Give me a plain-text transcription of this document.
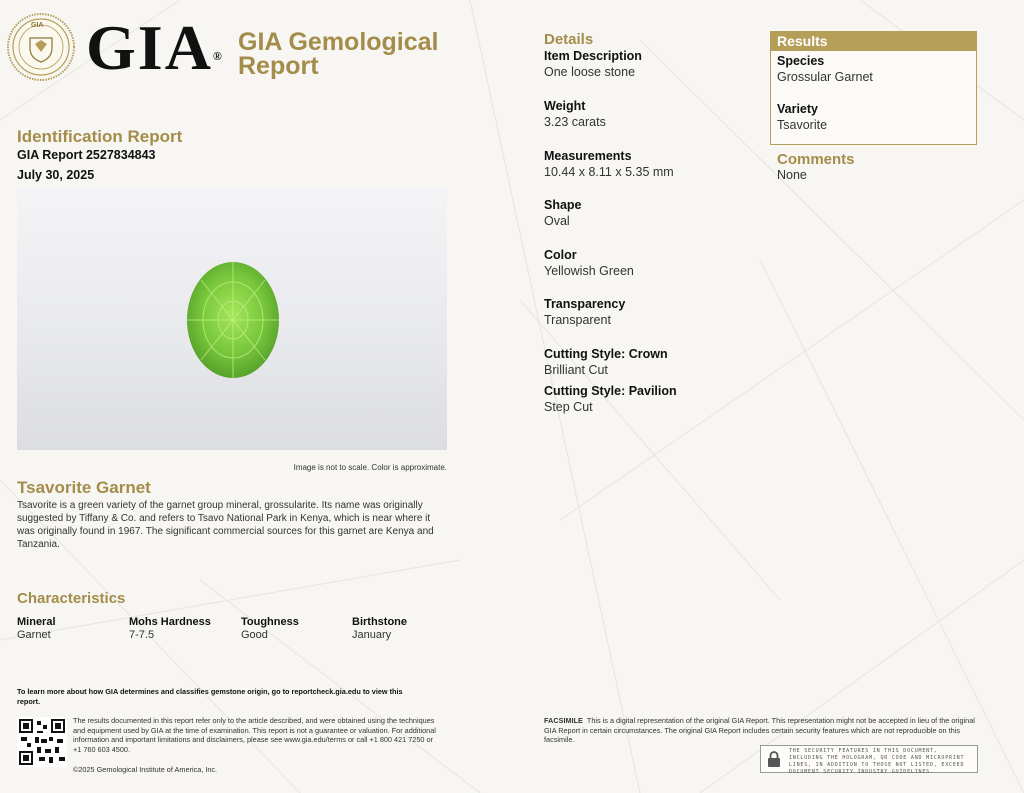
GIA GIA® GIA Gemological
Report
Identification Report
GIA Report 2527834843
July 30, 2025
Image is not to scale. Color is approximate.
Tsavorite Garnet
Tsavorite is a green variety of the garnet group mineral, grossularite. Its name was originally suggested by Tiffany & Co. and refers to Tsavo National Park in Kenya, which is near where it was originally found in 1967. The significant commercial sources for this garnet are Kenya and Tanzania.
Characteristics
Mineral
Garnet
Mohs Hardness
7-7.5
Toughness
Good
Birthstone
January
To learn more about how GIA determines and classifies gemstone origin, go to reportcheck.gia.edu to view this report.
The results documented in this report refer only to the article described, and were obtained using the techniques and equipment used by GIA at the time of examination. This report is not a guarantee or valuation. For additional information and important limitations and disclaimers, please see www.gia.edu/terms or call +1 800 421 7250 or +1 760 603 4500.
©2025 Gemological Institute of America, Inc.
Details
Item Description
One loose stone
Weight
3.23 carats
Measurements
10.44 x 8.11 x 5.35 mm
Shape
Oval
Color
Yellowish Green
Transparency
Transparent
Cutting Style: Crown
Brilliant Cut
Cutting Style: Pavilion
Step Cut
Results
Species
Grossular Garnet
Variety
Tsavorite
Comments
None
FACSIMILE This is a digital representation of the original GIA Report. This representation might not be accepted in lieu of the original GIA Report in certain circumstances. The original GIA Report includes certain security features which are not reproducible on this facsimile.
THE SECURITY FEATURES IN THIS DOCUMENT, INCLUDING THE HOLOGRAM, QR CODE AND MICROPRINT LINES, IN ADDITION TO THOSE NOT LISTED, EXCEED DOCUMENT SECURITY INDUSTRY GUIDELINES.
